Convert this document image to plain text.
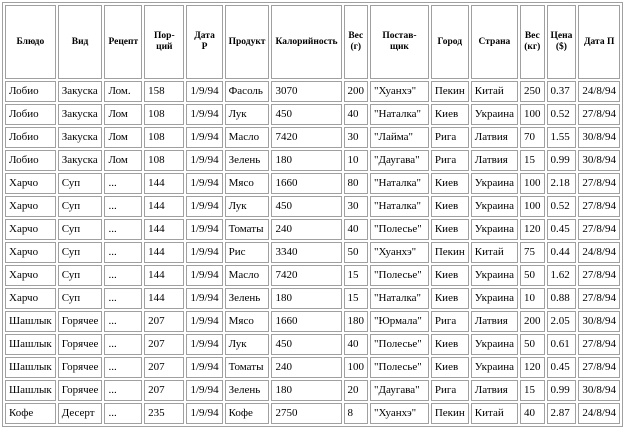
Блюдо	Вид	Рецепт	Пор-ций	Дата Р	Продукт	Калорийность	Вес (г)	Постав-щик	Город	Страна	Вес (кг)	Цена ($)	Дата П
Лобио	Закуска	Лом.	158	1/9/94	Фасоль	3070	200	"Хуанхэ"	Пекин	Китай	250	0.37	24/8/94
Лобио	Закуска	Лом	108	1/9/94	Лук	450	40	"Наталка"	Киев	Украина	100	0.52	27/8/94
Лобио	Закуска	Лом	108	1/9/94	Масло	7420	30	"Лайма"	Рига	Латвия	70	1.55	30/8/94
Лобио	Закуска	Лом	108	1/9/94	Зелень	180	10	"Даугава"	Рига	Латвия	15	0.99	30/8/94
Харчо	Суп	...	144	1/9/94	Мясо	1660	80	"Наталка"	Киев	Украина	100	2.18	27/8/94
Харчо	Суп	...	144	1/9/94	Лук	450	30	"Наталка"	Киев	Украина	100	0.52	27/8/94
Харчо	Суп	...	144	1/9/94	Томаты	240	40	"Полесье"	Киев	Украина	120	0.45	27/8/94
Харчо	Суп	...	144	1/9/94	Рис	3340	50	"Хуанхэ"	Пекин	Китай	75	0.44	24/8/94
Харчо	Суп	...	144	1/9/94	Масло	7420	15	"Полесье"	Киев	Украина	50	1.62	27/8/94
Харчо	Суп	...	144	1/9/94	Зелень	180	15	"Наталка"	Киев	Украина	10	0.88	27/8/94
Шашлык	Горячее	...	207	1/9/94	Мясо	1660	180	"Юрмала"	Рига	Латвия	200	2.05	30/8/94
Шашлык	Горячее	...	207	1/9/94	Лук	450	40	"Полесье"	Киев	Украина	50	0.61	27/8/94
Шашлык	Горячее	...	207	1/9/94	Томаты	240	100	"Полесье"	Киев	Украина	120	0.45	27/8/94
Шашлык	Горячее	...	207	1/9/94	Зелень	180	20	"Даугава"	Рига	Латвия	15	0.99	30/8/94
Кофе	Десерт	...	235	1/9/94	Кофе	2750	8	"Хуанхэ"	Пекин	Китай	40	2.87	24/8/94
